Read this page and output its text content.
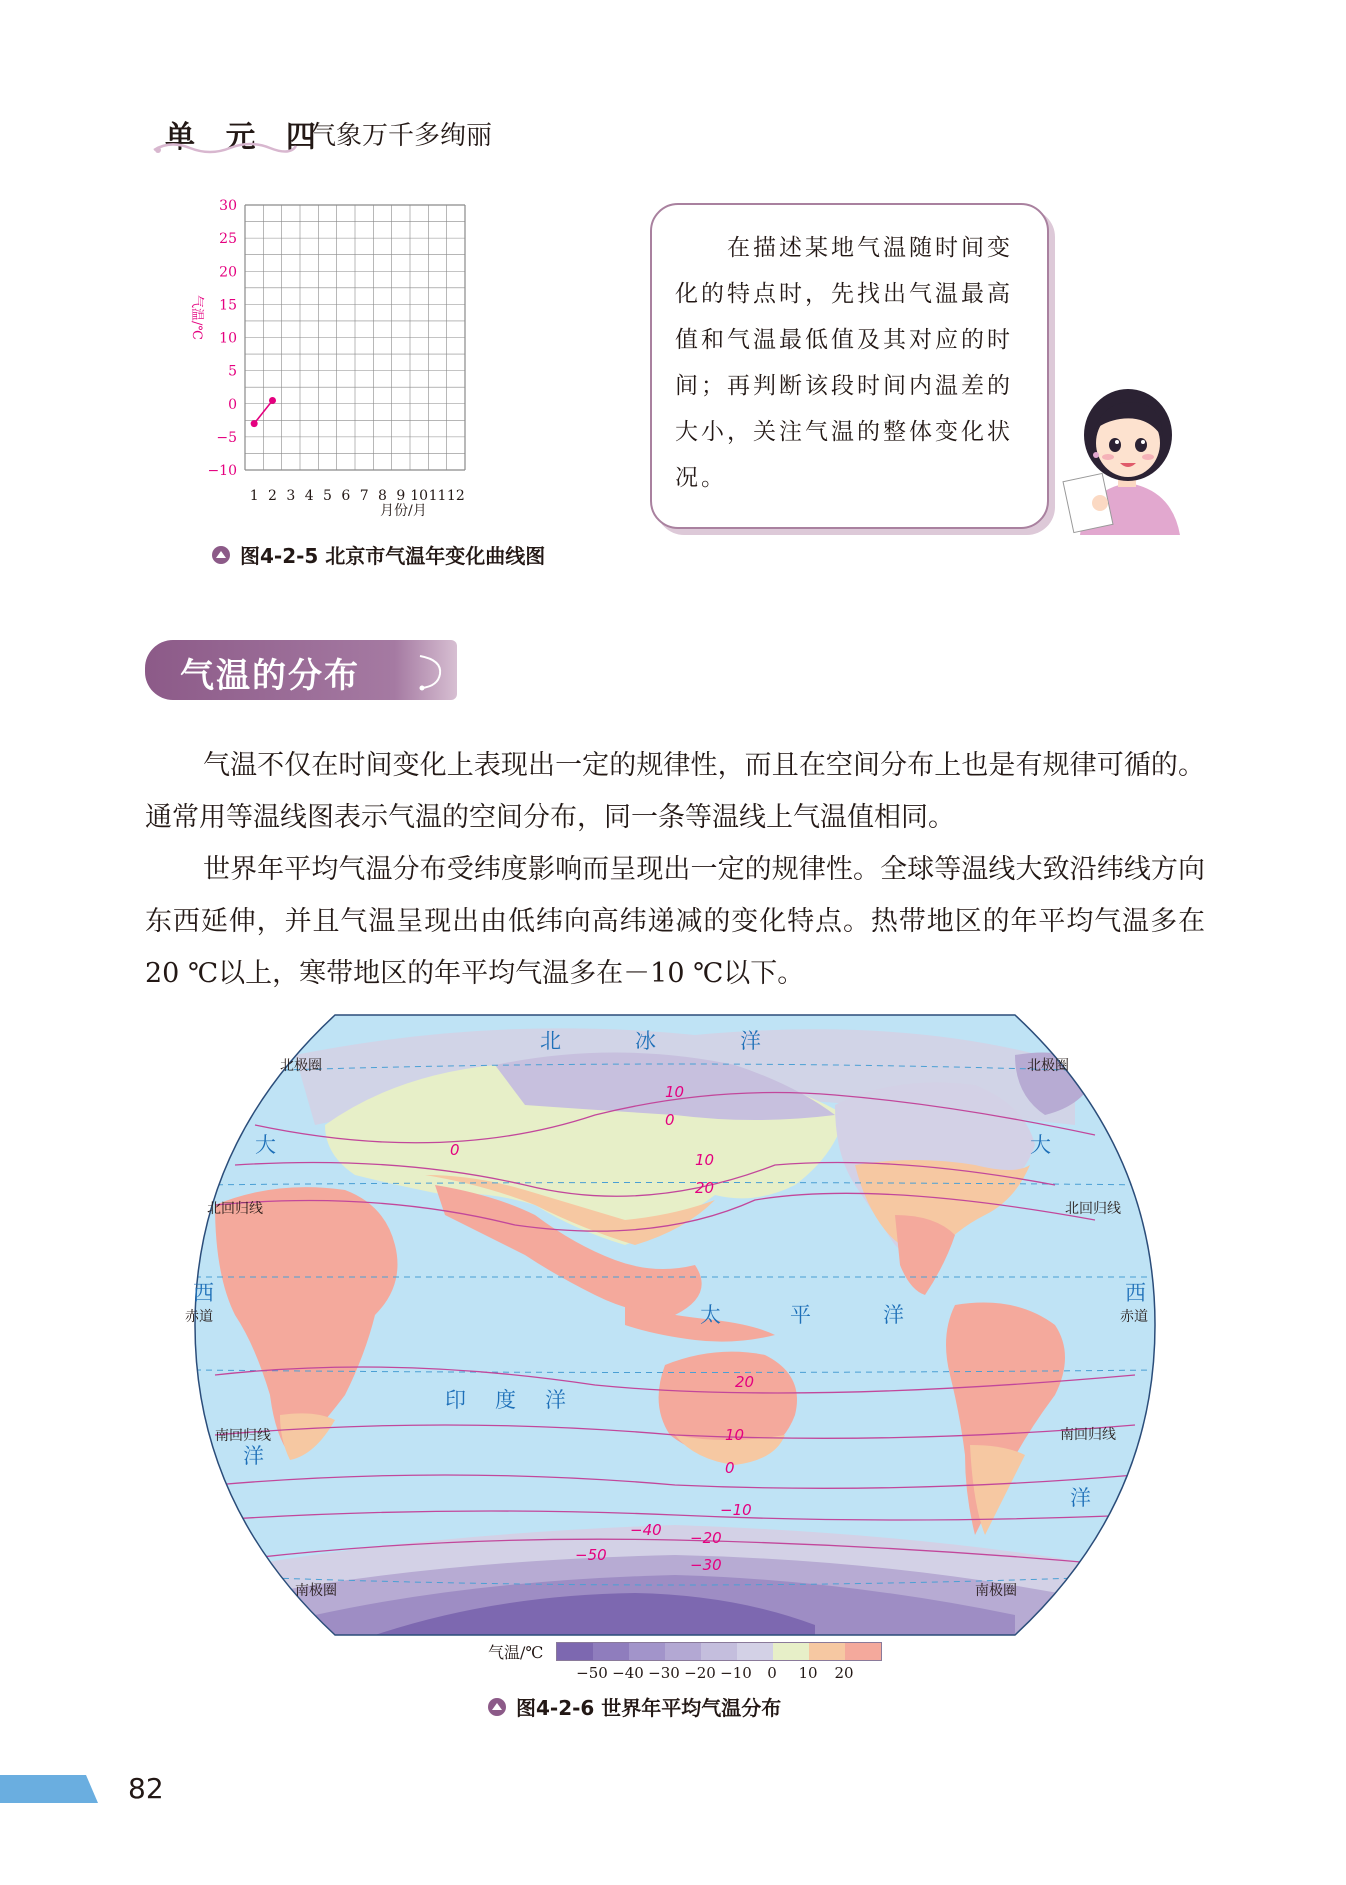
单 元 四
气象万千多绚丽
30
25
20
15
10
5
0
−5
−10
1 2 3 4 5 6 7 8 9 10 11 12
月份/月
气温/℃
图4-2-5 北京市气温年变化曲线图
　　在描述某地气温随时间变化的特点时，先找出气温最高值和气温最低值及其对应的时间；再判断该段时间内温差的大小，关注气温的整体变化状况。
气温的分布
气温不仅在时间变化上表现出一定的规律性，而且在空间分布上也是有规律可循的。通常用等温线图表示气温的空间分布，同一条等温线上气温值相同。
世界年平均气温分布受纬度影响而呈现出一定的规律性。全球等温线大致沿纬线方向东西延伸，并且气温呈现出由低纬向高纬递减的变化特点。热带地区的年平均气温多在20 ℃以上，寒带地区的年平均气温多在－10 ℃以下。
北	冰	洋
大
西
洋
大
西
洋
太	平	洋
印 度 洋
北极圈	北极圈
北回归线	北回归线
赤道	赤道
南回归线	南回归线
南极圈	南极圈
10
0
0
10
20
20
10
0
−10
−20
−30
−40
−50
气温/℃
−50 −40 −30 −20 −10 0 10 20
图4-2-6 世界年平均气温分布
82
